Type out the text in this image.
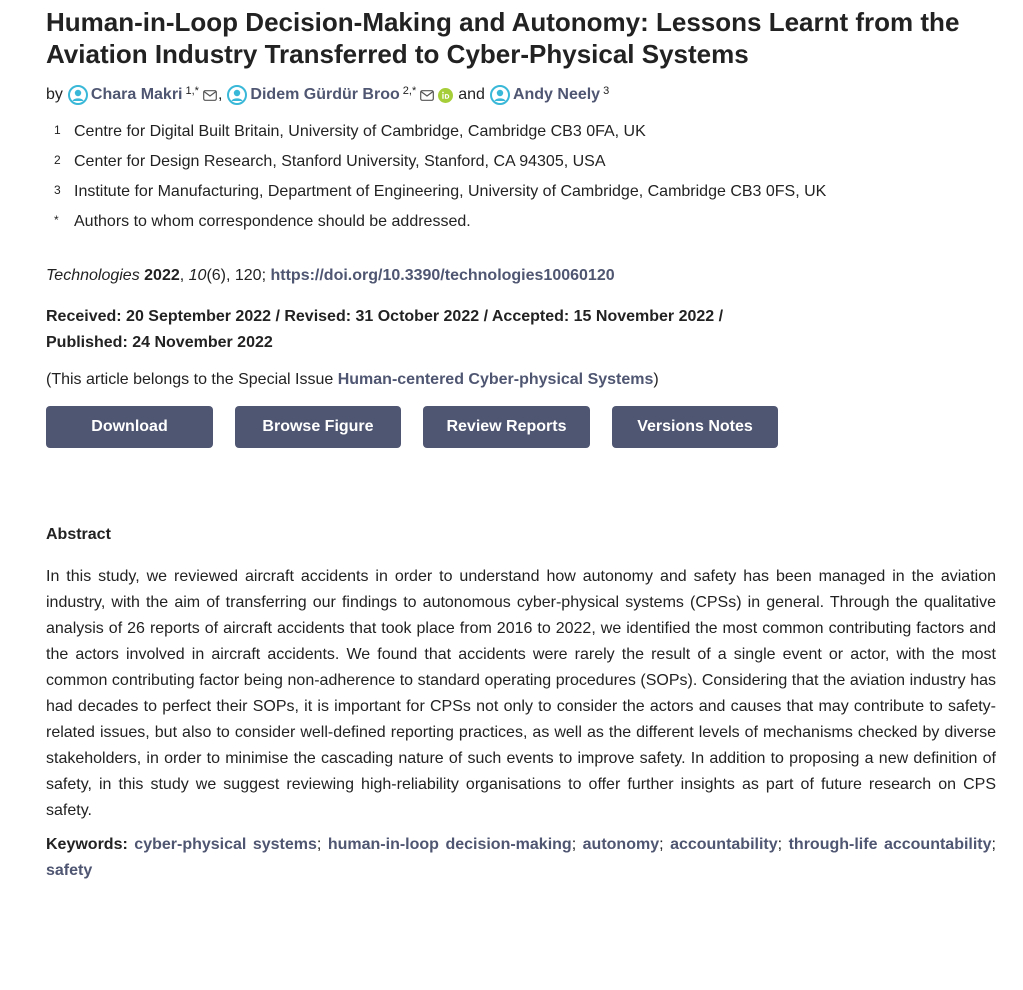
Human-in-Loop Decision-Making and Autonomy: Lessons Learnt from the Aviation Industry Transferred to Cyber-Physical Systems
by Chara Makri 1,* , Didem Gürdür Broo 2,*	and Andy Neely 3
1 Centre for Digital Built Britain, University of Cambridge, Cambridge CB3 0FA, UK
2 Center for Design Research, Stanford University, Stanford, CA 94305, USA
3 Institute for Manufacturing, Department of Engineering, University of Cambridge, Cambridge CB3 0FS, UK
* Authors to whom correspondence should be addressed.
Technologies 2022, 10(6), 120; https://doi.org/10.3390/technologies10060120
Received: 20 September 2022 / Revised: 31 October 2022 / Accepted: 15 November 2022 /
Published: 24 November 2022
(This article belongs to the Special Issue Human-centered Cyber-physical Systems)
Download	Browse Figure	Review Reports	Versions Notes
Abstract
In this study, we reviewed aircraft accidents in order to understand how autonomy and safety has been managed in the aviation industry, with the aim of transferring our findings to autonomous cyber-physical systems (CPSs) in general. Through the qualitative analysis of 26 reports of aircraft accidents that took place from 2016 to 2022, we identified the most common contributing factors and the actors involved in aircraft accidents. We found that accidents were rarely the result of a single event or actor, with the most common contributing factor being non-adherence to standard operating procedures (SOPs). Considering that the aviation industry has had decades to perfect their SOPs, it is important for CPSs not only to consider the actors and causes that may contribute to safety-related issues, but also to consider well-defined reporting practices, as well as the different levels of mechanisms checked by diverse stakeholders, in order to minimise the cascading nature of such events to improve safety. In addition to proposing a new definition of safety, in this study we suggest reviewing high-reliability organisations to offer further insights as part of future research on CPS safety.
Keywords: cyber-physical systems; human-in-loop decision-making; autonomy; accountability; through-life accountability; safety
